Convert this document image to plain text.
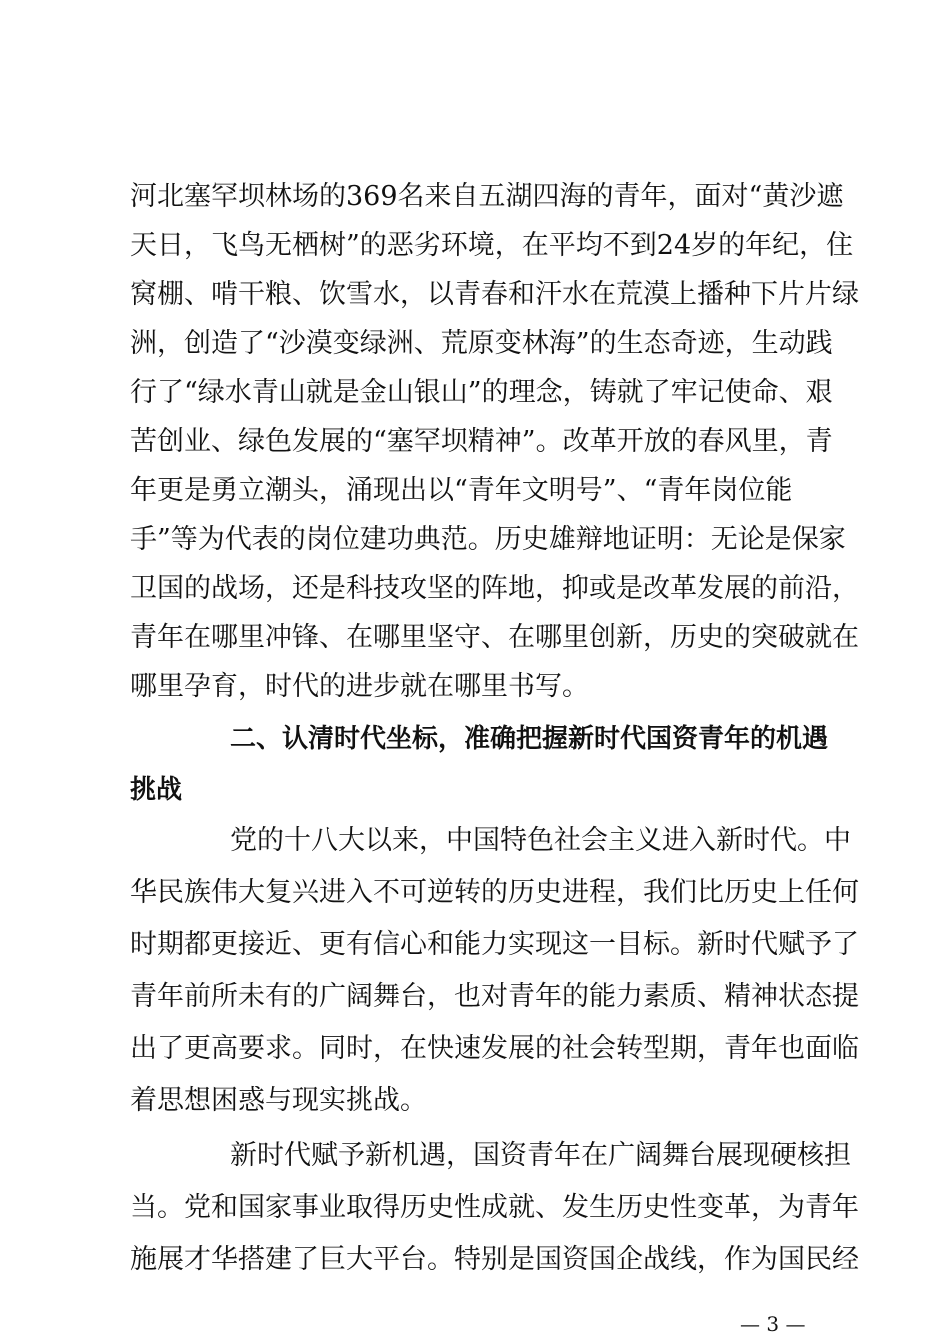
河北塞罕坝林场的369名来自五湖四海的青年，面对“黄沙遮
天日，飞鸟无栖树”的恶劣环境，在平均不到24岁的年纪，住
窝棚、啃干粮、饮雪水，以青春和汗水在荒漠上播种下片片绿
洲，创造了“沙漠变绿洲、荒原变林海”的生态奇迹，生动践
行了“绿水青山就是金山银山”的理念，铸就了牢记使命、艰
苦创业、绿色发展的“塞罕坝精神”。改革开放的春风里，青
年更是勇立潮头，涌现出以“青年文明号”、“青年岗位能
手”等为代表的岗位建功典范。历史雄辩地证明：无论是保家
卫国的战场，还是科技攻坚的阵地，抑或是改革发展的前沿，
青年在哪里冲锋、在哪里坚守、在哪里创新，历史的突破就在
哪里孕育，时代的进步就在哪里书写。
二、认清时代坐标，准确把握新时代国资青年的机遇
挑战
党的十八大以来，中国特色社会主义进入新时代。中
华民族伟大复兴进入不可逆转的历史进程，我们比历史上任何
时期都更接近、更有信心和能力实现这一目标。新时代赋予了
青年前所未有的广阔舞台，也对青年的能力素质、精神状态提
出了更高要求。同时，在快速发展的社会转型期，青年也面临
着思想困惑与现实挑战。
新时代赋予新机遇，国资青年在广阔舞台展现硬核担
当。党和国家事业取得历史性成就、发生历史性变革，为青年
施展才华搭建了巨大平台。特别是国资国企战线，作为国民经
— 3 —
